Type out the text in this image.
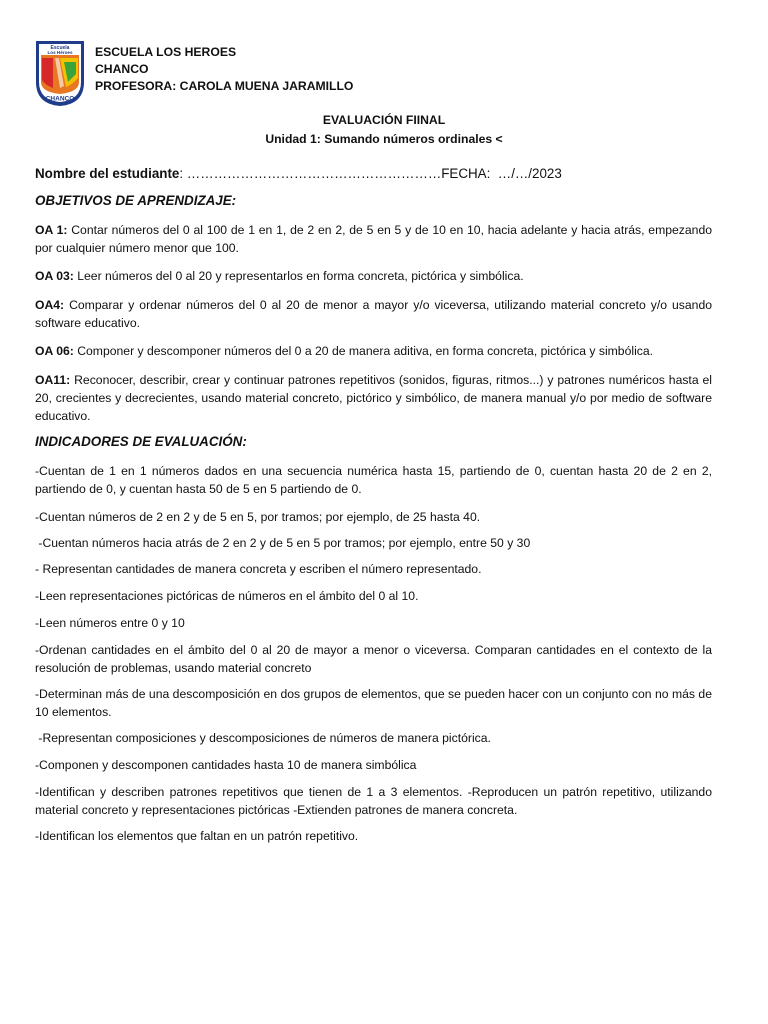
Escuela
Los Héroes
CHANCO
ESCUELA LOS HEROES
CHANCO
PROFESORA: CAROLA MUENA JARAMILLO
EVALUACIÓN FIINAL
Unidad 1: Sumando números ordinales <
Nombre del estudiante: …………………………………………………FECHA: …/…/2023
OBJETIVOS DE APRENDIZAJE:
OA 1: Contar números del 0 al 100 de 1 en 1, de 2 en 2, de 5 en 5 y de 10 en 10, hacia adelante y hacia atrás, empezando por cualquier número menor que 100.
OA 03: Leer números del 0 al 20 y representarlos en forma concreta, pictórica y simbólica.
OA4: Comparar y ordenar números del 0 al 20 de menor a mayor y/o viceversa, utilizando material concreto y/o usando software educativo.
OA 06: Componer y descomponer números del 0 a 20 de manera aditiva, en forma concreta, pictórica y simbólica.
OA11: Reconocer, describir, crear y continuar patrones repetitivos (sonidos, figuras, ritmos...) y patrones numéricos hasta el 20, crecientes y decrecientes, usando material concreto, pictórico y simbólico, de manera manual y/o por medio de software educativo.
INDICADORES DE EVALUACIÓN:
-Cuentan de 1 en 1 números dados en una secuencia numérica hasta 15, partiendo de 0, cuentan hasta 20 de 2 en 2, partiendo de 0, y cuentan hasta 50 de 5 en 5 partiendo de 0.
-Cuentan números de 2 en 2 y de 5 en 5, por tramos; por ejemplo, de 25 hasta 40.
-Cuentan números hacia atrás de 2 en 2 y de 5 en 5 por tramos; por ejemplo, entre 50 y 30
- Representan cantidades de manera concreta y escriben el número representado.
-Leen representaciones pictóricas de números en el ámbito del 0 al 10.
-Leen números entre 0 y 10
-Ordenan cantidades en el ámbito del 0 al 20 de mayor a menor o viceversa. Comparan cantidades en el contexto de la resolución de problemas, usando material concreto
-Determinan más de una descomposición en dos grupos de elementos, que se pueden hacer con un conjunto con no más de 10 elementos.
-Representan composiciones y descomposiciones de números de manera pictórica.
-Componen y descomponen cantidades hasta 10 de manera simbólica
-Identifican y describen patrones repetitivos que tienen de 1 a 3 elementos. -Reproducen un patrón repetitivo, utilizando material concreto y representaciones pictóricas -Extienden patrones de manera concreta.
-Identifican los elementos que faltan en un patrón repetitivo.
